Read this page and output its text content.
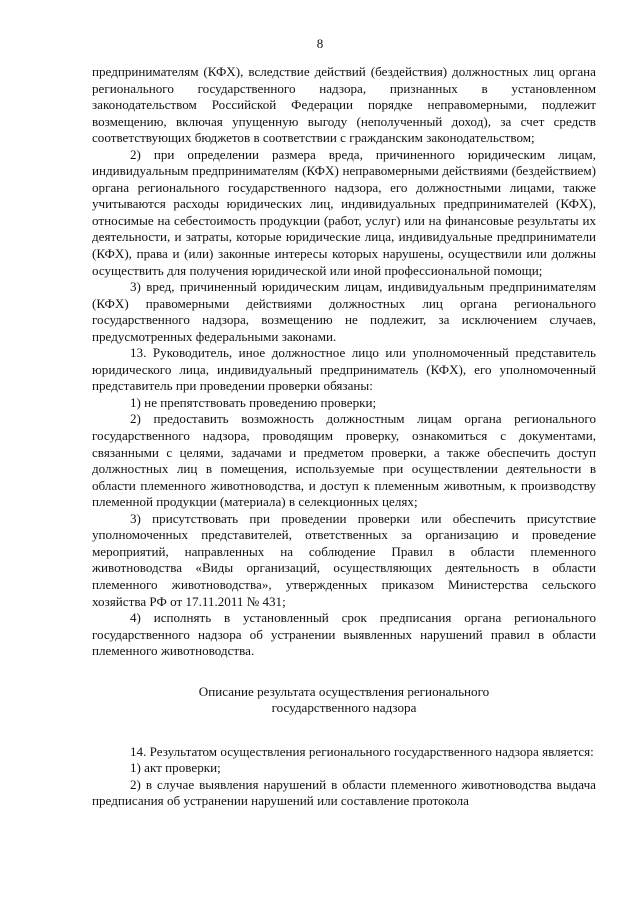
8

предпринимателям (КФХ), вследствие действий (бездействия) должностных лиц органа регионального государственного надзора, признанных в установленном законодательством Российской Федерации порядке неправомерными, подлежит возмещению, включая упущенную выгоду (неполученный доход), за счет средств соответствующих бюджетов в соответствии с гражданским законодательством;

2) при определении размера вреда, причиненного юридическим лицам, индивидуальным предпринимателям (КФХ) неправомерными действиями (бездействием) органа регионального государственного надзора, его должностными лицами, также учитываются расходы юридических лиц, индивидуальных предпринимателей (КФХ), относимые на себестоимость продукции (работ, услуг) или на финансовые результаты их деятельности, и затраты, которые юридические лица, индивидуальные предприниматели (КФХ), права и (или) законные интересы которых нарушены, осуществили или должны осуществить для получения юридической или иной профессиональной помощи;

3) вред, причиненный юридическим лицам, индивидуальным предпринимателям (КФХ) правомерными действиями должностных лиц органа регионального государственного надзора, возмещению не подлежит, за исключением случаев, предусмотренных федеральными законами.

13. Руководитель, иное должностное лицо или уполномоченный представитель юридического лица, индивидуальный предприниматель (КФХ), его уполномоченный представитель при проведении проверки обязаны:

1) не препятствовать проведению проверки;

2) предоставить возможность должностным лицам органа регионального государственного надзора, проводящим проверку, ознакомиться с документами, связанными с целями, задачами и предметом проверки, а также обеспечить доступ должностных лиц в помещения, используемые при осуществлении деятельности в области племенного животноводства, и доступ к племенным животным, к производству племенной продукции (материала) в селекционных целях;

3) присутствовать при проведении проверки или обеспечить присутствие уполномоченных представителей, ответственных за организацию и проведение мероприятий, направленных на соблюдение Правил в области племенного животноводства «Виды организаций, осуществляющих деятельность в области племенного животноводства», утвержденных приказом Министерства сельского хозяйства РФ от 17.11.2011 № 431;

4) исполнять в установленный срок предписания органа регионального государственного надзора об устранении выявленных нарушений правил в области племенного животноводства.

Описание результата осуществления регионального
государственного надзора

14. Результатом осуществления регионального государственного надзора является:

1) акт проверки;

2) в случае выявления нарушений в области племенного животноводства выдача предписания об устранении нарушений или составление протокола
